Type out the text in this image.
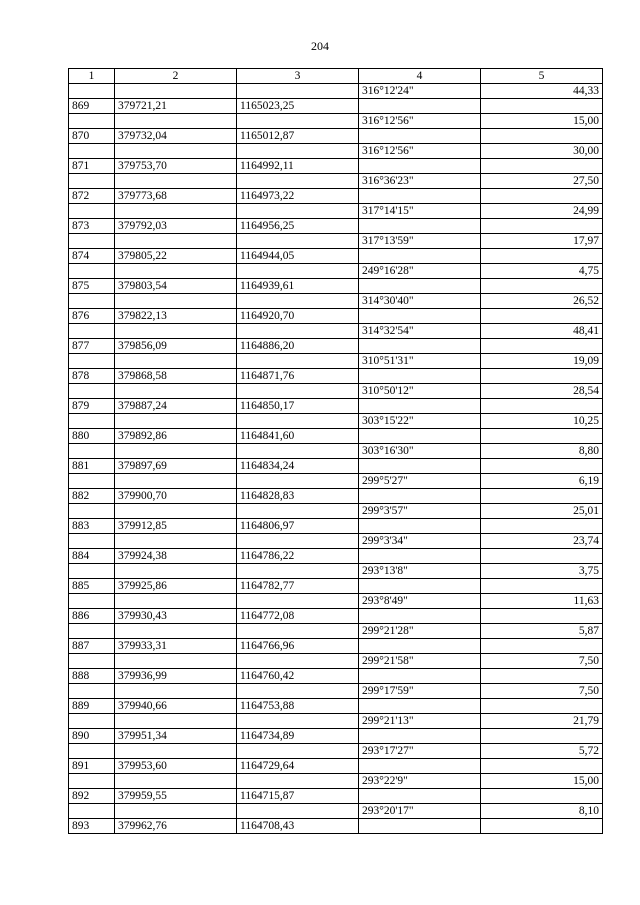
204
1	2	3	4	5
			316°12'24"	44,33
869	379721,21	1165023,25		
			316°12'56"	15,00
870	379732,04	1165012,87		
			316°12'56"	30,00
871	379753,70	1164992,11		
			316°36'23"	27,50
872	379773,68	1164973,22		
			317°14'15"	24,99
873	379792,03	1164956,25		
			317°13'59"	17,97
874	379805,22	1164944,05		
			249°16'28"	4,75
875	379803,54	1164939,61		
			314°30'40"	26,52
876	379822,13	1164920,70		
			314°32'54"	48,41
877	379856,09	1164886,20		
			310°51'31"	19,09
878	379868,58	1164871,76		
			310°50'12"	28,54
879	379887,24	1164850,17		
			303°15'22"	10,25
880	379892,86	1164841,60		
			303°16'30"	8,80
881	379897,69	1164834,24		
			299°5'27"	6,19
882	379900,70	1164828,83		
			299°3'57"	25,01
883	379912,85	1164806,97		
			299°3'34"	23,74
884	379924,38	1164786,22		
			293°13'8"	3,75
885	379925,86	1164782,77		
			293°8'49"	11,63
886	379930,43	1164772,08		
			299°21'28"	5,87
887	379933,31	1164766,96		
			299°21'58"	7,50
888	379936,99	1164760,42		
			299°17'59"	7,50
889	379940,66	1164753,88		
			299°21'13"	21,79
890	379951,34	1164734,89		
			293°17'27"	5,72
891	379953,60	1164729,64		
			293°22'9"	15,00
892	379959,55	1164715,87		
			293°20'17"	8,10
893	379962,76	1164708,43		
